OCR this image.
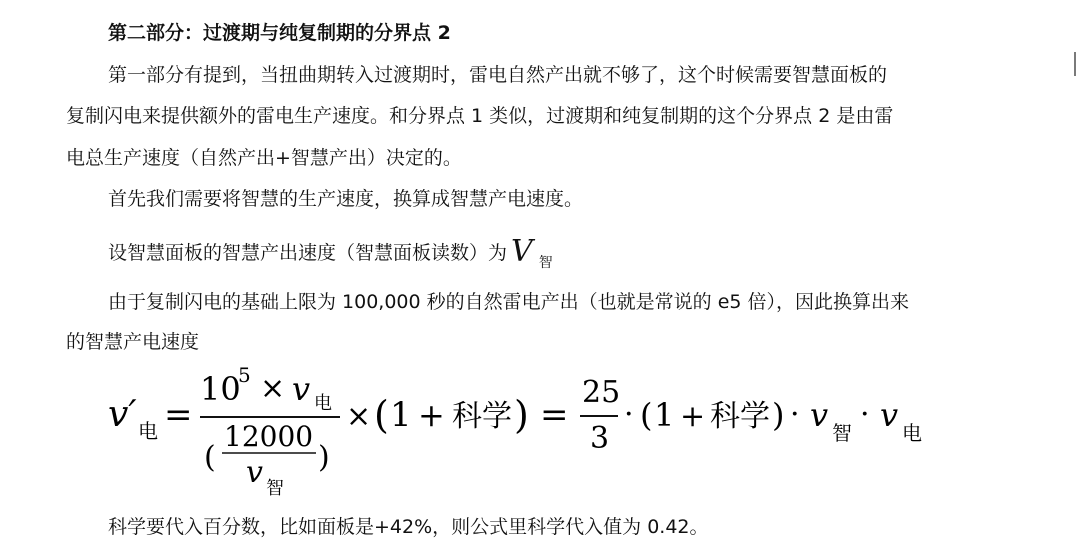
第二部分：过渡期与纯复制期的分界点 2
第一部分有提到，当扭曲期转入过渡期时，雷电自然产出就不够了，这个时候需要智慧面板的
复制闪电来提供额外的雷电生产速度。和分界点 1 类似，过渡期和纯复制期的这个分界点 2 是由雷
电总生产速度（自然产出+智慧产出）决定的。
首先我们需要将智慧的生产速度，换算成智慧产电速度。
设智慧面板的智慧产出速度（智慧面板读数）为 V $_智$
由于复制闪电的基础上限为 100,000 秒的自然雷电产出（也就是常说的 e5 倍），因此换算出来
的智慧产电速度
v′ 电 =
10
5 × v 电
(
12000
v 智
)
× ( 1 + 科学 ) =
25
3
· ( 1 + 科学 ) · v 智
· v 电
科学要代入百分数，比如面板是+42%，则公式里科学代入值为 0.42。
